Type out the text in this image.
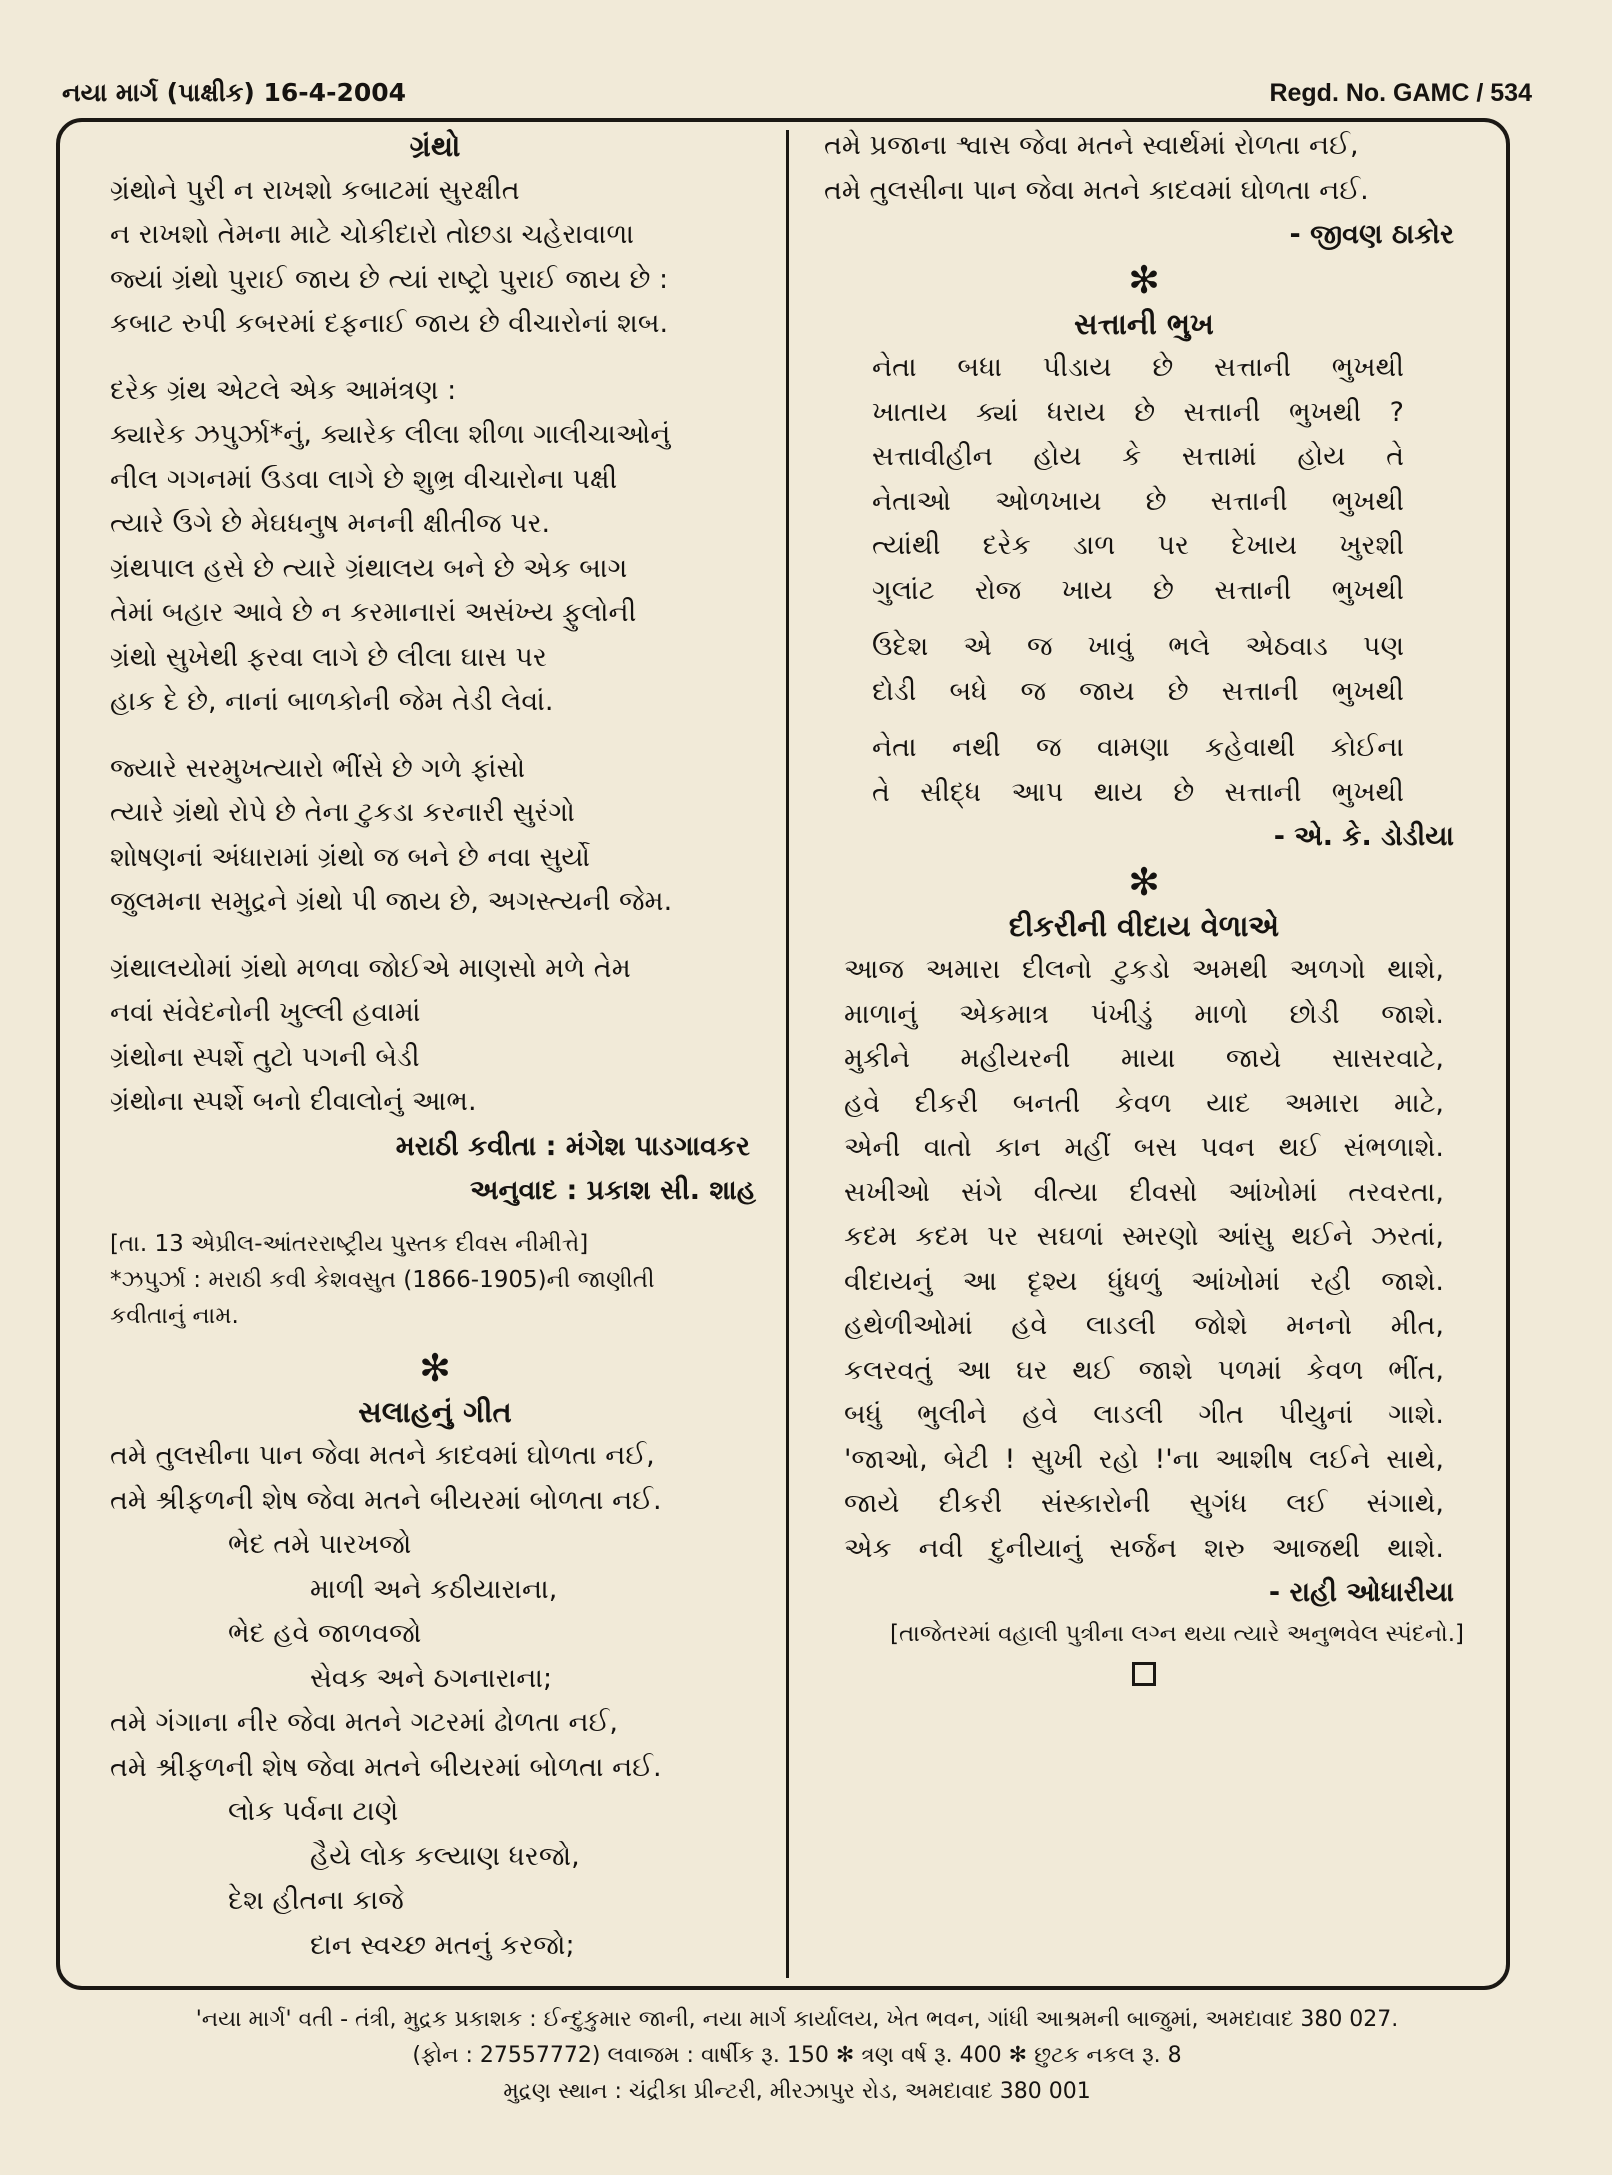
નયા માર્ગ (પાક્ષીક) 16-4-2004	Regd. No. GAMC / 534
ગ્રંથો
ગ્રંથોને પુરી ન રાખશો કબાટમાં સુરક્ષીત
ન રાખશો તેમના માટે ચોકીદારો તોછડા ચહેરાવાળા
જ્યાં ગ્રંથો પુરાઈ જાય છે ત્યાં રાષ્ટ્રો પુરાઈ જાય છે :
કબાટ રુપી કબરમાં દફનાઈ જાય છે વીચારોનાં શબ.
દરેક ગ્રંથ એટલે એક આમંત્રણ :
ક્યારેક ઝપુર્ઝા*નું, ક્યારેક લીલા શીળા ગાલીચાઓનું
નીલ ગગનમાં ઉડવા લાગે છે શુભ્ર વીચારોના પક્ષી
ત્યારે ઉગે છે મેઘધનુષ મનની ક્ષીતીજ પર.
ગ્રંથપાલ હસે છે ત્યારે ગ્રંથાલય બને છે એક બાગ
તેમાં બહાર આવે છે ન કરમાનારાં અસંખ્ય ફુલોની
ગ્રંથો સુખેથી ફરવા લાગે છે લીલા ઘાસ પર
હાક દે છે, નાનાં બાળકોની જેમ તેડી લેવાં.
જ્યારે સરમુખત્યારો ભીંસે છે ગળે ફાંસો
ત્યારે ગ્રંથો રોપે છે તેના ટુકડા કરનારી સુરંગો
શોષણનાં અંધારામાં ગ્રંથો જ બને છે નવા સુર્યો
જુલમના સમુદ્રને ગ્રંથો પી જાય છે, અગસ્ત્યની જેમ.
ગ્રંથાલયોમાં ગ્રંથો મળવા જોઈએ માણસો મળે તેમ
નવાં સંવેદનોની ખુલ્લી હવામાં
ગ્રંથોના સ્પર્શે તુટો પગની બેડી
ગ્રંથોના સ્પર્શે બનો દીવાલોનું આભ.
મરાઠી કવીતા : મંગેશ પાડગાવકર
અનુવાદ : પ્રકાશ સી. શાહ
[તા. 13 એપ્રીલ-આંતરરાષ્ટ્રીય પુસ્તક દીવસ નીમીત્તે]
*ઝપુર્ઝા : મરાઠી કવી કેશવસુત (1866-1905)ની જાણીતી
કવીતાનું નામ.
✻
સલાહનું ગીત
તમે તુલસીના પાન જેવા મતને કાદવમાં ઘોળતા નઈ,
તમે શ્રીફળની શેષ જેવા મતને બીયરમાં બોળતા નઈ.
ભેદ તમે પારખજો
માળી અને કઠીયારાના,
ભેદ હવે જાળવજો
સેવક અને ઠગનારાના;
તમે ગંગાના નીર જેવા મતને ગટરમાં ઢોળતા નઈ,
તમે શ્રીફળની શેષ જેવા મતને બીયરમાં બોળતા નઈ.
લોક પર્વના ટાણે
હૈયે લોક કલ્યાણ ધરજો,
દેશ હીતના કાજે
દાન સ્વચ્છ મતનું કરજો;
તમે પ્રજાના શ્વાસ જેવા મતને સ્વાર્થમાં રોળતા નઈ,
તમે તુલસીના પાન જેવા મતને કાદવમાં ઘોળતા નઈ.
- જીવણ ઠાકોર
✻
સત્તાની ભુખ
નેતા બધા પીડાય છે સત્તાની ભુખથી
ખાતાય ક્યાં ધરાય છે સત્તાની ભુખથી ?
સત્તાવીહીન હોય કે સત્તામાં હોય તે
નેતાઓ ઓળખાય છે સત્તાની ભુખથી
ત્યાંથી દરેક ડાળ પર દેખાય ખુરશી
ગુલાંટ રોજ ખાય છે સત્તાની ભુખથી
ઉદેશ એ જ ખાવું ભલે એઠવાડ પણ
દોડી બધે જ જાય છે સત્તાની ભુખથી
નેતા નથી જ વામણા કહેવાથી કોઈના
તે સીદ્ધ આપ થાય છે સત્તાની ભુખથી
- એ. કે. ડોડીયા
✻
દીકરીની વીદાય વેળાએ
આજ અમારા દીલનો ટુકડો અમથી અળગો થાશે,
માળાનું એકમાત્ર પંખીડું માળો છોડી જાશે.
મુકીને મહીયરની માયા જાયે સાસરવાટે,
હવે દીકરી બનતી કેવળ યાદ અમારા માટે,
એની વાતો કાન મહીં બસ પવન થઈ સંભળાશે.
સખીઓ સંગે વીત્યા દીવસો આંખોમાં તરવરતા,
કદમ કદમ પર સઘળાં સ્મરણો આંસુ થઈને ઝરતાં,
વીદાયનું આ દૃશ્ય ધુંધળું આંખોમાં રહી જાશે.
હથેળીઓમાં હવે લાડલી જોશે મનનો મીત,
કલરવતું આ ઘર થઈ જાશે પળમાં કેવળ ભીંત,
બધું ભુલીને હવે લાડલી ગીત પીયુનાં ગાશે.
'જાઓ, બેટી ! સુખી રહો !'ના આશીષ લઈને સાથે,
જાયે દીકરી સંસ્કારોની સુગંધ લઈ સંગાથે,
એક નવી દુનીયાનું સર્જન શરુ આજથી થાશે.
- રાહી ઓધારીયા
[તાજેતરમાં વહાલી પુત્રીના લગ્ન થયા ત્યારે અનુભવેલ સ્પંદનો.]
'નયા માર્ગ' વતી - તંત્રી, મુદ્રક પ્રકાશક : ઈન્દુકુમાર જાની, નયા માર્ગ કાર્યાલય, ખેત ભવન, ગાંધી આશ્રમની બાજુમાં, અમદાવાદ 380 027.
(ફોન : 27557772) લવાજમ : વાર્ષીક રૂ. 150 ✻ ત્રણ વર્ષ રૂ. 400 ✻ છુટક નકલ રૂ. 8
મુદ્રણ સ્થાન : ચંદ્રીકા પ્રીન્ટરી, મીરઝાપુર રોડ, અમદાવાદ 380 001
